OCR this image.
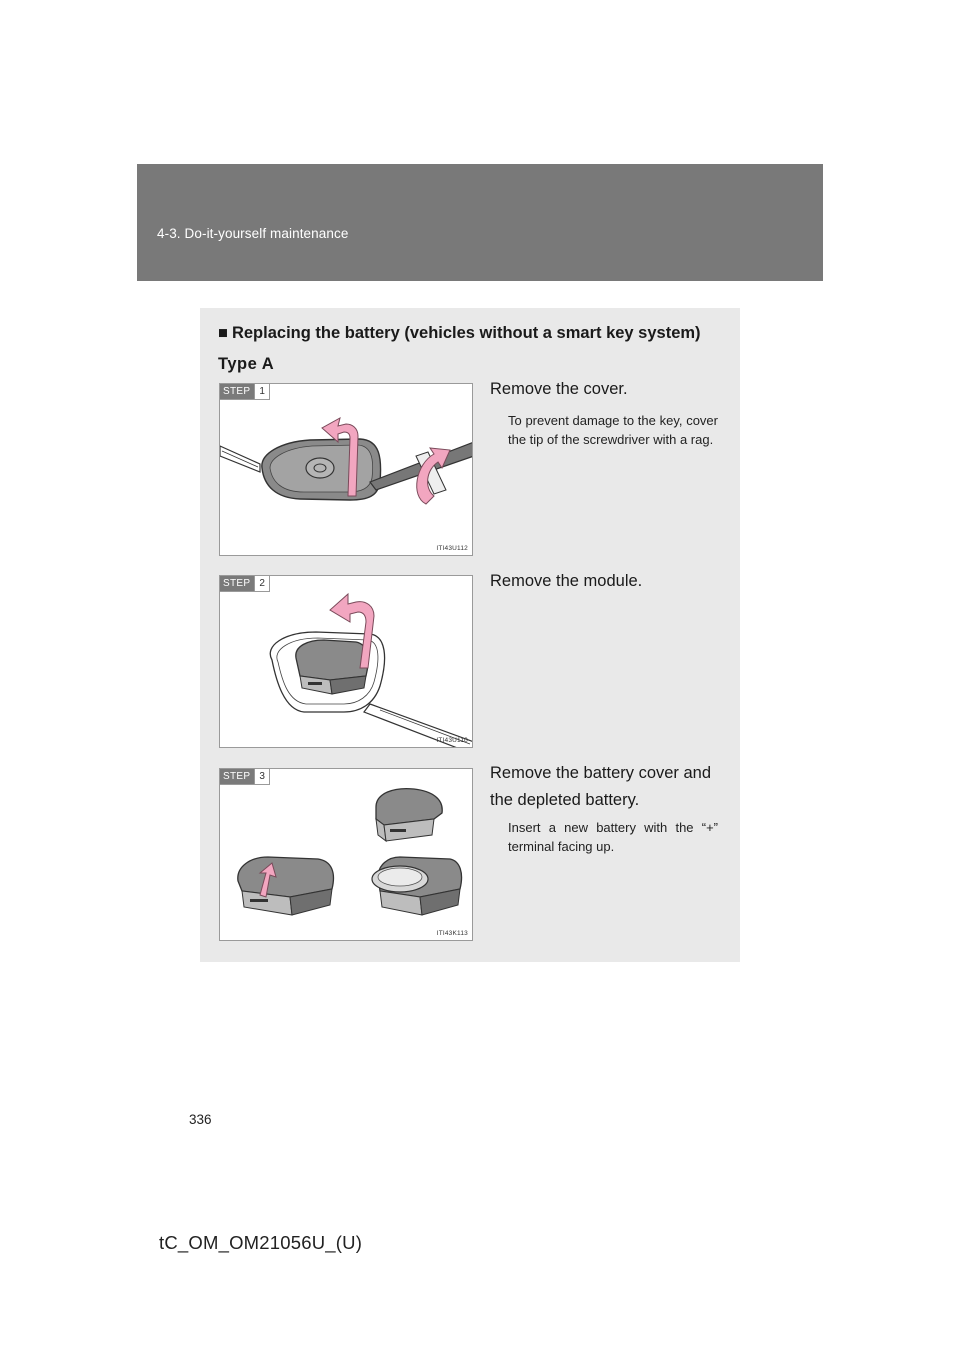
4-3. Do-it-yourself maintenance
■ Replacing the battery (vehicles without a smart key system)
Type A
STEP 1
ITI43U112
Remove the cover.
To prevent damage to the key, cover the tip of the screwdriver with a rag.
STEP 2
ITI43U110
Remove the module.
STEP 3
ITI43K113
Remove the battery cover and the depleted battery.
Insert a new battery with the “+” terminal facing up.
336
tC_OM_OM21056U_(U)
